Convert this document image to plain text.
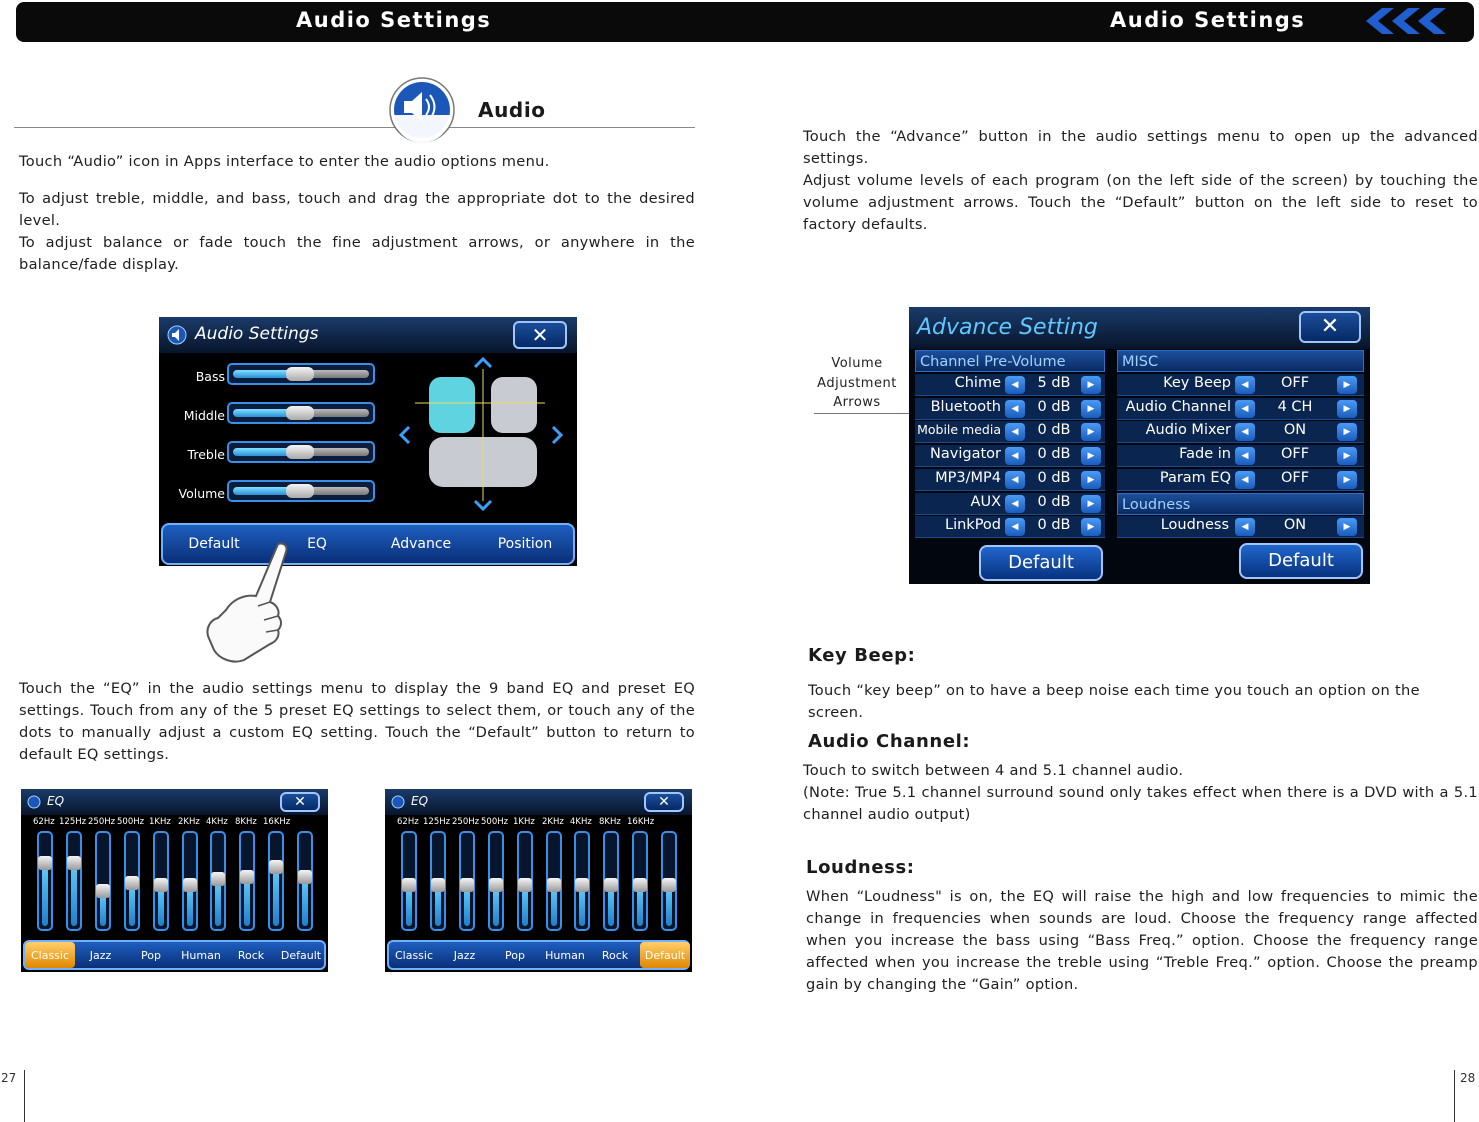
Audio Settings	Audio Settings
Audio
Touch “Audio” icon in Apps interface to enter the audio options menu.
To adjust treble, middle, and bass, touch and drag the appropriate dot to the desired level.
To adjust balance or fade touch the fine adjustment arrows, or anywhere in the balance/fade display.
Audio Settings	✕
Bass
Middle
Treble
Volume
Default	EQ	Advance	Position
Touch the “EQ” in the audio settings menu to display the 9 band EQ and preset EQ settings. Touch from any of the 5 preset EQ settings to select them, or touch any of the dots to manually adjust a custom EQ setting. Touch the “Default” button to return to default EQ settings.
EQ	✕
62Hz 125Hz 250Hz 500Hz 1KHz 2KHz 4KHz 8KHz 16KHz
Classic	Jazz	Pop	Human	Rock	Default
EQ	✕
62Hz 125Hz 250Hz 500Hz 1KHz 2KHz 4KHz 8KHz 16KHz
Classic	Jazz	Pop	Human	Rock	Default
27
Touch the “Advance” button in the audio settings menu to open up the advanced settings.
Adjust volume levels of each program (on the left side of the screen) by touching the volume adjustment arrows. Touch the “Default” button on the left side to reset to factory defaults.
Volume
Adjustment
Arrows
Advance Setting	✕
Channel Pre-Volume	MISC
Loudness
Loudness	◀	ON	▶
Default	Default
Chime	◀	5 dB	▶
Bluetooth	◀	0 dB	▶
Mobile media	◀	0 dB	▶
Navigator	◀	0 dB	▶
MP3/MP4	◀	0 dB	▶
AUX	◀	0 dB	▶
LinkPod	◀	0 dB	▶
Key Beep	◀	OFF	▶
Audio Channel	◀	4 CH	▶
Audio Mixer	◀	ON	▶
Fade in	◀	OFF	▶
Param EQ	◀	OFF	▶
Key Beep:
Touch “key beep” on to have a beep noise each time you touch an option on the screen.
Audio Channel:
Touch to switch between 4 and 5.1 channel audio.
(Note: True 5.1 channel surround sound only takes effect when there is a DVD with a 5.1 channel audio output)
Loudness:
When “Loudness" is on, the EQ will raise the high and low frequencies to mimic the change in frequencies when sounds are loud. Choose the frequency range affected when you increase the bass using “Bass Freq.” option. Choose the frequency range affected when you increase the treble using “Treble Freq.” option. Choose the preamp gain by changing the “Gain” option.
28
